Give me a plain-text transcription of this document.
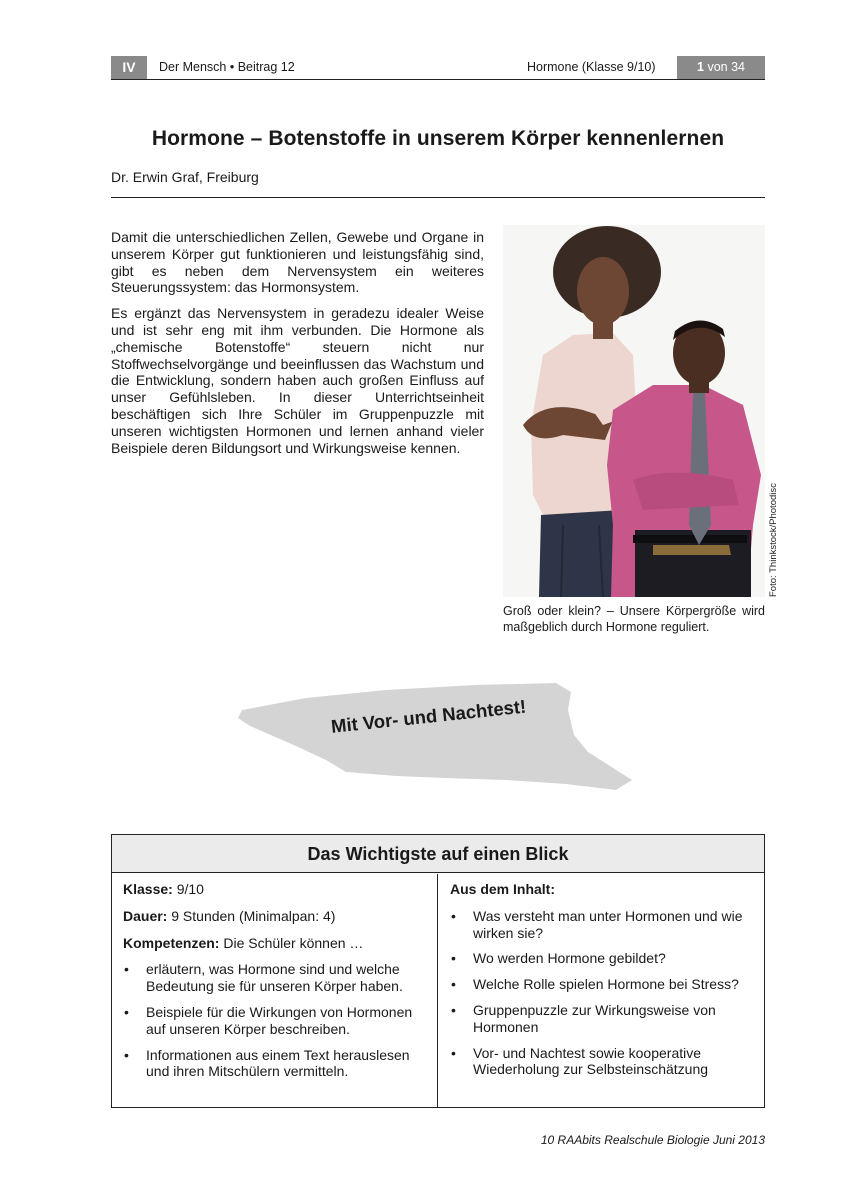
IV	Der Mensch • Beitrag 12	Hormone (Klasse 9/10)	1 von 34
Hormone – Botenstoffe in unserem Körper kennenlernen
Dr. Erwin Graf, Freiburg

Damit die unterschiedlichen Zellen, Gewebe und Organe in unserem Körper gut funktionieren und leistungsfähig sind, gibt es neben dem Nervensystem ein weiteres Steuerungssystem: das Hormonsystem.

Es ergänzt das Nervensystem in geradezu idealer Weise und ist sehr eng mit ihm verbunden. Die Hormone als „chemische Botenstoffe“ steuern nicht nur Stoffwechselvorgänge und beeinflussen das Wachstum und die Entwicklung, sondern haben auch großen Einfluss auf unser Gefühlsleben. In dieser Unterrichtseinheit beschäftigen sich Ihre Schüler im Gruppenpuzzle mit unseren wichtigsten Hormonen und lernen anhand vieler Beispiele deren Bildungsort und Wirkungsweise kennen.

Foto: Thinkstock/Photodisc
Groß oder klein? – Unsere Körpergröße wird maßgeblich durch Hormone reguliert.
Mit Vor- und Nachtest!
Das Wichtigste auf einen Blick
Klasse: 9/10
Dauer: 9 Stunden (Minimalpan: 4)
Kompetenzen: Die Schüler können …
• erläutern, was Hormone sind und welche Bedeutung sie für unseren Körper haben.
• Beispiele für die Wirkungen von Hormonen auf unseren Körper beschreiben.
• Informationen aus einem Text herauslesen und ihren Mitschülern vermitteln.
Aus dem Inhalt:
• Was versteht man unter Hormonen und wie wirken sie?
• Wo werden Hormone gebildet?
• Welche Rolle spielen Hormone bei Stress?
• Gruppenpuzzle zur Wirkungsweise von Hormonen
• Vor- und Nachtest sowie kooperative Wiederholung zur Selbsteinschätzung
10 RAAbits Realschule Biologie Juni 2013
